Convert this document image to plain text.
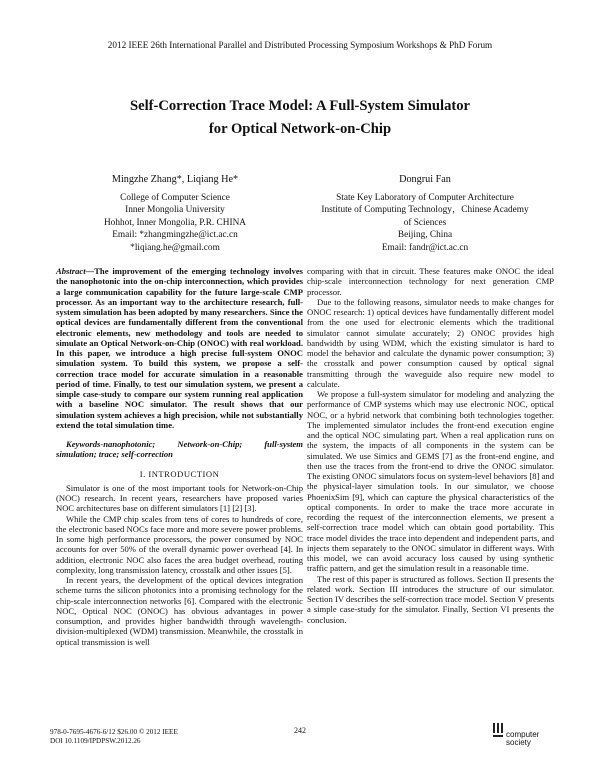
2012 IEEE 26th International Parallel and Distributed Processing Symposium Workshops & PhD Forum
Self-Correction Trace Model: A Full-System Simulator
for Optical Network-on-Chip
Mingzhe Zhang*, Liqiang He*
College of Computer Science
Inner Mongolia University
Hohhot, Inner Mongolia, P.R. CHINA
Email: *zhangmingzhe@ict.ac.cn
*liqiang.he@gmail.com
Dongrui Fan
State Key Laboratory of Computer Architecture
Institute of Computing Technology，Chinese Academy
of Sciences
Beijing, China
Email: fandr@ict.ac.cn

Abstract—The improvement of the emerging technology involves the nanophotonic into the on-chip interconnection, which provides a large communication capability for the future large-scale CMP processor. As an important way to the architecture research, full-system simulation has been adopted by many researchers. Since the optical devices are fundamentally different from the conventional electronic elements, new methodology and tools are needed to simulate an Optical Network-on-Chip (ONOC) with real workload. In this paper, we introduce a high precise full-system ONOC simulation system. To build this system, we propose a self-correction trace model for accurate simulation in a reasonable period of time. Finally, to test our simulation system, we present a simple case-study to compare our system running real application with a baseline NOC simulator. The result shows that our simulation system achieves a high precision, while not substantially extend the total simulation time.

Keywords-nanophotonic; Network-on-Chip; full-system simulation; trace; self-correction

I. INTRODUCTION

Simulator is one of the most important tools for Network-on-Chip (NOC) research. In recent years, researchers have proposed varies NOC architectures base on different simulators [1] [2] [3].

While the CMP chip scales from tens of cores to hundreds of core, the electronic based NOCs face more and more severe power problems. In some high performance processors, the power consumed by NOC accounts for over 50% of the overall dynamic power overhead [4]. In addition, electronic NOC also faces the area budget overhead, routing complexity, long transmission latency, crosstalk and other issues [5].

In recent years, the development of the optical devices integration scheme turns the silicon photonics into a promising technology for the chip-scale interconnection networks [6]. Compared with the electronic NOC, Optical NOC (ONOC) has obvious advantages in power consumption, and provides higher bandwidth through wavelength-division-multiplexed (WDM) transmission. Meanwhile, the crosstalk in optical transmission is well

comparing with that in circuit. These features make ONOC the ideal chip-scale interconnection technology for next generation CMP processor.

Due to the following reasons, simulator needs to make changes for ONOC research: 1) optical devices have fundamentally different model from the one used for electronic elements which the traditional simulator cannot simulate accurately; 2) ONOC provides high bandwidth by using WDM, which the existing simulator is hard to model the behavior and calculate the dynamic power consumption; 3) the crosstalk and power consumption caused by optical signal transmitting through the waveguide also require new model to calculate.

We propose a full-system simulator for modeling and analyzing the performance of CMP systems which may use electronic NOC, optical NOC, or a hybrid network that combining both technologies together. The implemented simulator includes the front-end execution engine and the optical NOC simulating part. When a real application runs on the system, the impacts of all components in the system can be simulated. We use Simics and GEMS [7] as the front-end engine, and then use the traces from the front-end to drive the ONOC simulator. The existing ONOC simulators focus on system-level behaviors [8] and the physical-layer simulation tools. In our simulator, we choose PhoenixSim [9], which can capture the physical characteristics of the optical components. In order to make the trace more accurate in recording the request of the interconnection elements, we present a self-correction trace model which can obtain good portability. This trace model divides the trace into dependent and independent parts, and injects them separately to the ONOC simulator in different ways. With this model, we can avoid accuracy loss caused by using synthetic traffic pattern, and get the simulation result in a reasonable time.

The rest of this paper is structured as follows. Section II presents the related work. Section III introduces the structure of our simulator. Section IV describes the self-correction trace model. Section V presents a simple case-study for the simulator. Finally, Section VI presents the conclusion.

978-0-7695-4676-6/12 $26.00 © 2012 IEEE
DOI 10.1109/IPDPSW.2012.26
242	computer
society
